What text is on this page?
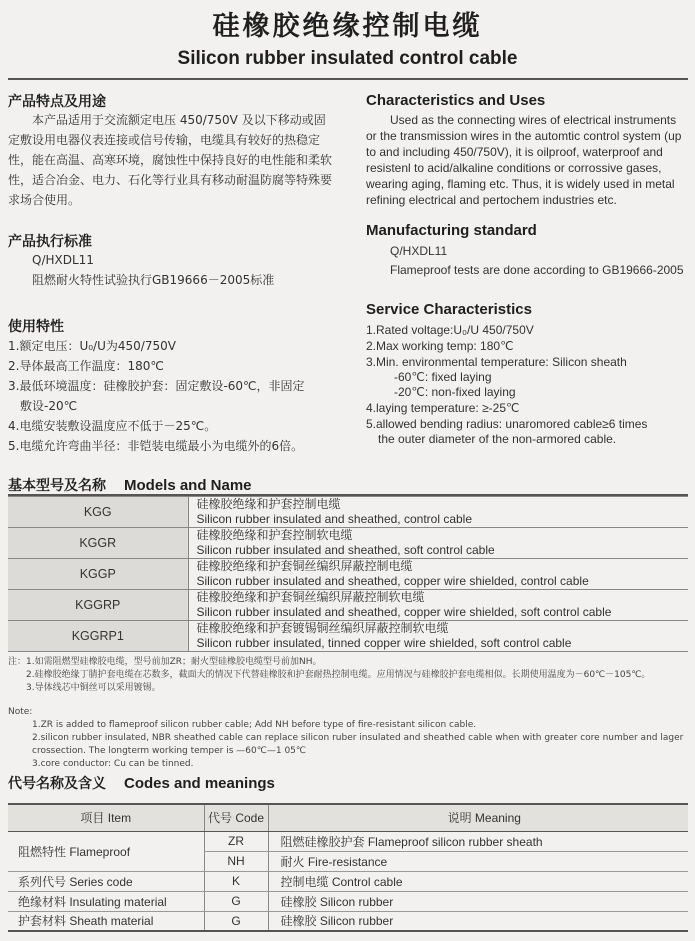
硅橡胶绝缘控制电缆
Silicon rubber insulated control cable
产品特点及用途
本产品适用于交流额定电压 450/750V 及以下移动或固定敷设用电器仪表连接或信号传输，电缆具有较好的热稳定性，能在高温、高寒环境，腐蚀性中保持良好的电性能和柔软性，适合冶金、电力、石化等行业具有移动耐温防腐等特殊要求场合使用。
产品执行标准
Q/HXDL11
阻燃耐火特性试验执行GB19666－2005标准
使用特性
1.额定电压：U₀/U为450/750V
2.导体最高工作温度：180℃
3.最低环境温度：硅橡胶护套：固定敷设-60℃，非固定
敷设-20℃
4.电缆安装敷设温度应不低于－25℃。
5.电缆允许弯曲半径：非铠装电缆最小为电缆外的6倍。
Characteristics and Uses
Used as the connecting wires of electrical instruments or the transmission wires in the automtic control system (up to and including 450/750V), it is oilproof, waterproof and resistenl to acid/alkaline conditions or corrossive gases, wearing aging, flaming etc. Thus, it is widely used in metal refining electrical and pertochem industries etc.
Manufacturing standard
Q/HXDL11
Flameproof tests are done according to GB19666-2005
Service Characteristics
1.Rated voltage:U₀/U 450/750V
2.Max working temp: 180℃
3.Min. environmental temperature: Silicon sheath
-60℃: fixed laying
-20℃: non-fixed laying
4.laying temperature: ≥-25℃
5.allowed bending radius: unaromored cable≥6 times
the outer diameter of the non-armored cable.
基本型号及名称 Models and Name
KGG	硅橡胶绝缘和护套控制电缆
Silicon rubber insulated and sheathed, control cable

KGGR	硅橡胶绝缘和护套控制软电缆
Silicon rubber insulated and sheathed, soft control cable

KGGP	硅橡胶绝缘和护套铜丝编织屏蔽控制电缆
Silicon rubber insulated and sheathed, copper wire shielded, control cable

KGGRP	硅橡胶绝缘和护套铜丝编织屏蔽控制软电缆
Silicon rubber insulated and sheathed, copper wire shielded, soft control cable

KGGRP1	硅橡胶绝缘和护套镀锡铜丝编织屏蔽控制软电缆
Silicon rubber insulated, tinned copper wire shielded, soft control cable
注：1.如需阻燃型硅橡胶电缆，型号前加ZR；耐火型硅橡胶电缆型号前加NH。
2.硅橡胶绝缘丁腈护套电缆在芯数多，截面大的情况下代替硅橡胶和护套耐热控制电缆。应用情况与硅橡胶护套电缆相似。长期使用温度为－60℃－105℃。
3.导体线芯中铜丝可以采用镀锡。
Note:
1.ZR is added to flameproof silicon rubber cable; Add NH before type of fire-resistant silicon cable.
2.silicon rubber insulated, NBR sheathed cable can replace silicon ruber insulated and sheathed cable when with greater core number and lager crossection. The longterm working temper is —60℃—1 05℃
3.core conductor: Cu can be tinned.
代号名称及含义 Codes and meanings
项目 Item	代号 Code	说明 Meaning
阻燃特性 Flameproof	ZR	阻燃硅橡胶护套 Flameproof silicon rubber sheath
	NH	耐火 Fire-resistance
系列代号 Series code	K	控制电缆 Control cable
绝缘材料 Insulating material	G	硅橡胶 Silicon rubber
护套材料 Sheath material	G	硅橡胶 Silicon rubber
